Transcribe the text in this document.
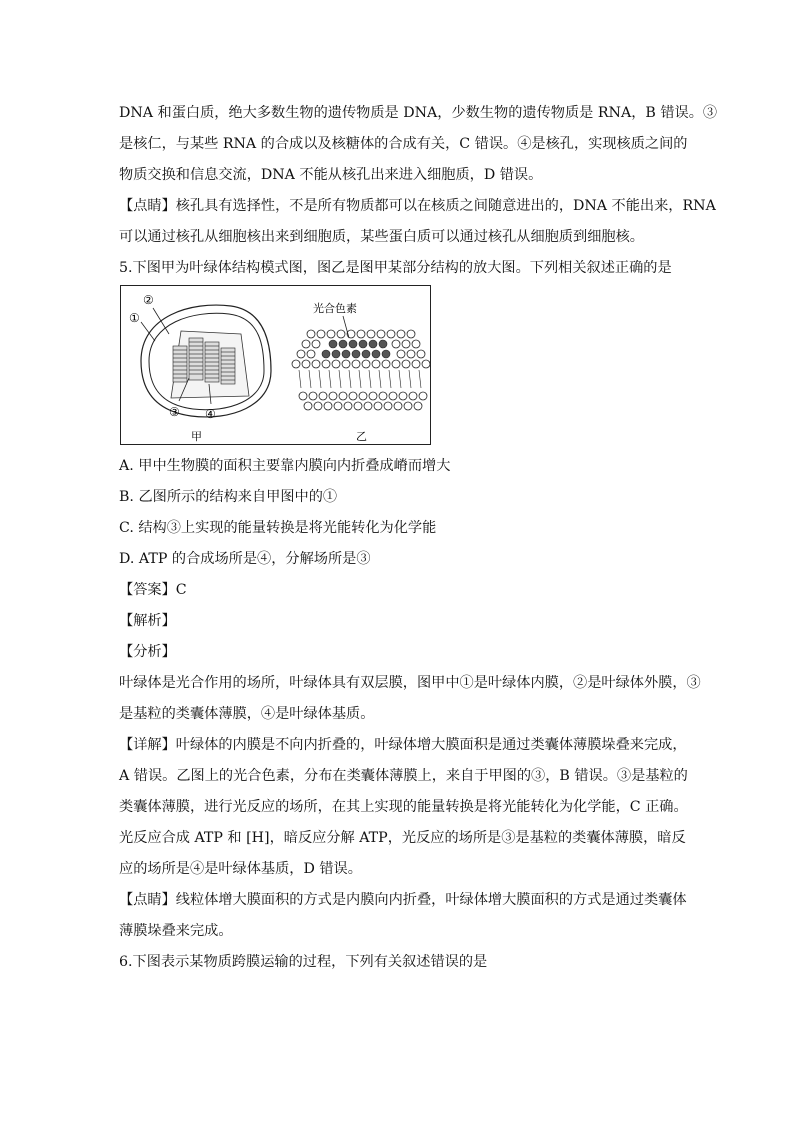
DNA 和蛋白质，绝大多数生物的遗传物质是 DNA，少数生物的遗传物质是 RNA，B 错误。③
是核仁，与某些 RNA 的合成以及核糖体的合成有关，C 错误。④是核孔，实现核质之间的
物质交换和信息交流，DNA 不能从核孔出来进入细胞质，D 错误。
【点睛】核孔具有选择性，不是所有物质都可以在核质之间随意进出的，DNA 不能出来，RNA
可以通过核孔从细胞核出来到细胞质，某些蛋白质可以通过核孔从细胞质到细胞核。
5.下图甲为叶绿体结构模式图，图乙是图甲某部分结构的放大图。下列相关叙述正确的是
光合色素
②
①
③ ④
甲	乙
A. 甲中生物膜的面积主要靠内膜向内折叠成嵴而增大
B. 乙图所示的结构来自甲图中的①
C. 结构③上实现的能量转换是将光能转化为化学能
D. ATP 的合成场所是④，分解场所是③
【答案】C
【解析】
【分析】
叶绿体是光合作用的场所，叶绿体具有双层膜，图甲中①是叶绿体内膜，②是叶绿体外膜，③
是基粒的类囊体薄膜，④是叶绿体基质。
【详解】叶绿体的内膜是不向内折叠的，叶绿体增大膜面积是通过类囊体薄膜垛叠来完成，
A 错误。乙图上的光合色素，分布在类囊体薄膜上，来自于甲图的③，B 错误。③是基粒的
类囊体薄膜，进行光反应的场所，在其上实现的能量转换是将光能转化为化学能，C 正确。
光反应合成 ATP 和 [H]，暗反应分解 ATP，光反应的场所是③是基粒的类囊体薄膜，暗反
应的场所是④是叶绿体基质，D 错误。
【点睛】线粒体增大膜面积的方式是内膜向内折叠，叶绿体增大膜面积的方式是通过类囊体
薄膜垛叠来完成。
6.下图表示某物质跨膜运输的过程，下列有关叙述错误的是
